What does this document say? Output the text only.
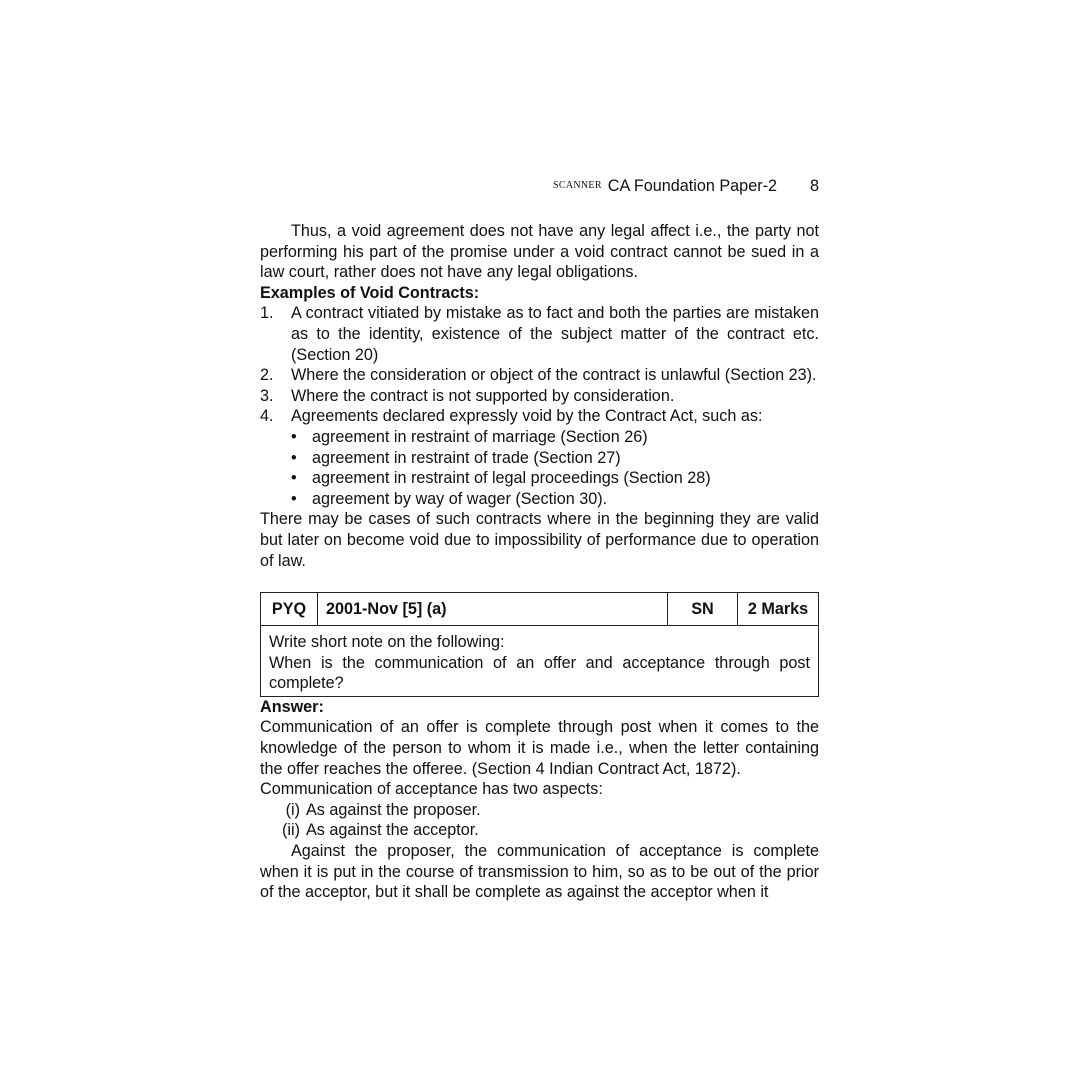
SCANNER CA Foundation Paper-2 8

Thus, a void agreement does not have any legal affect i.e., the party not performing his part of the promise under a void contract cannot be sued in a law court, rather does not have any legal obligations.

Examples of Void Contracts:

1.	A contract vitiated by mistake as to fact and both the parties are mistaken as to the identity, existence of the subject matter of the contract etc. (Section 20)
2.	Where the consideration or object of the contract is unlawful (Section 23).
3.	Where the contract is not supported by consideration.
4.	Agreements declared expressly void by the Contract Act, such as:
• agreement in restraint of marriage (Section 26)
• agreement in restraint of trade (Section 27)
• agreement in restraint of legal proceedings (Section 28)
• agreement by way of wager (Section 30).

There may be cases of such contracts where in the beginning they are valid but later on become void due to impossibility of performance due to operation of law.

PYQ	2001-Nov [5] (a)	SN	2 Marks

Write short note on the following:

When is the communication of an offer and acceptance through post complete?

Answer:

Communication of an offer is complete through post when it comes to the knowledge of the person to whom it is made i.e., when the letter containing the offer reaches the offeree. (Section 4 Indian Contract Act, 1872).

Communication of acceptance has two aspects:

(i) As against the proposer.
(ii) As against the acceptor.

Against the proposer, the communication of acceptance is complete when it is put in the course of transmission to him, so as to be out of the prior of the acceptor, but it shall be complete as against the acceptor when it
